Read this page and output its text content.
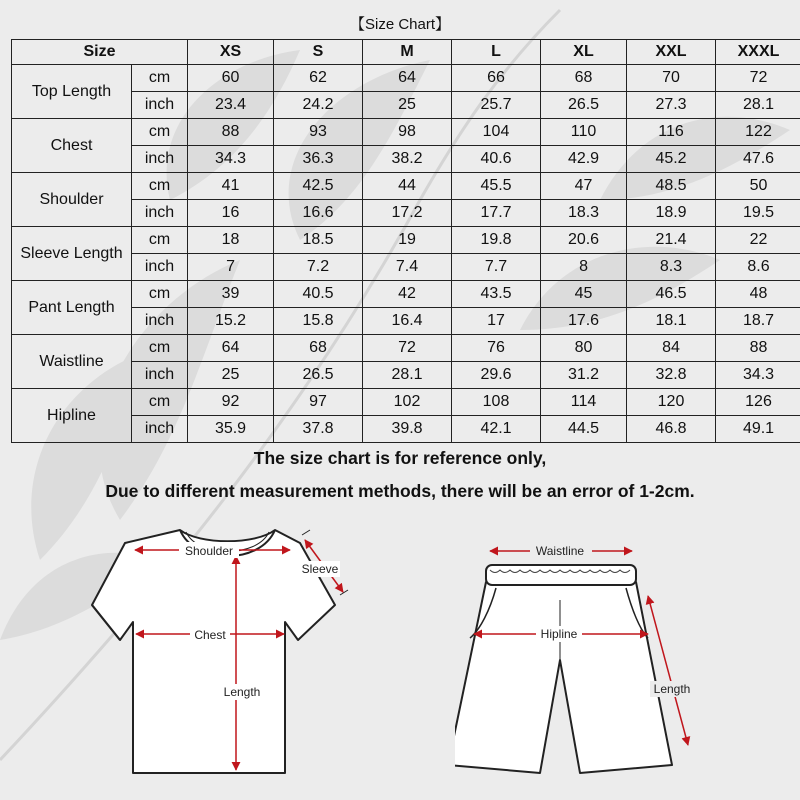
【Size Chart】
Size		XS	S	M	L	XL	XXL	XXXL
Top Length	cm	60	62	64	66	68	70	72
	inch	23.4	24.2	25	25.7	26.5	27.3	28.1
Chest	cm	88	93	98	104	110	116	122
	inch	34.3	36.3	38.2	40.6	42.9	45.2	47.6
Shoulder	cm	41	42.5	44	45.5	47	48.5	50
	inch	16	16.6	17.2	17.7	18.3	18.9	19.5
Sleeve Length	cm	18	18.5	19	19.8	20.6	21.4	22
	inch	7	7.2	7.4	7.7	8	8.3	8.6
Pant Length	cm	39	40.5	42	43.5	45	46.5	48
	inch	15.2	15.8	16.4	17	17.6	18.1	18.7
Waistline	cm	64	68	72	76	80	84	88
	inch	25	26.5	28.1	29.6	31.2	32.8	34.3
Hipline	cm	92	97	102	108	114	120	126
	inch	35.9	37.8	39.8	42.1	44.5	46.8	49.1
The size chart is for reference only,
Due to different measurement methods, there will be an error of 1-2cm.
Shoulder
Sleeve
Chest
Length
Waistline
Hipline
Length
